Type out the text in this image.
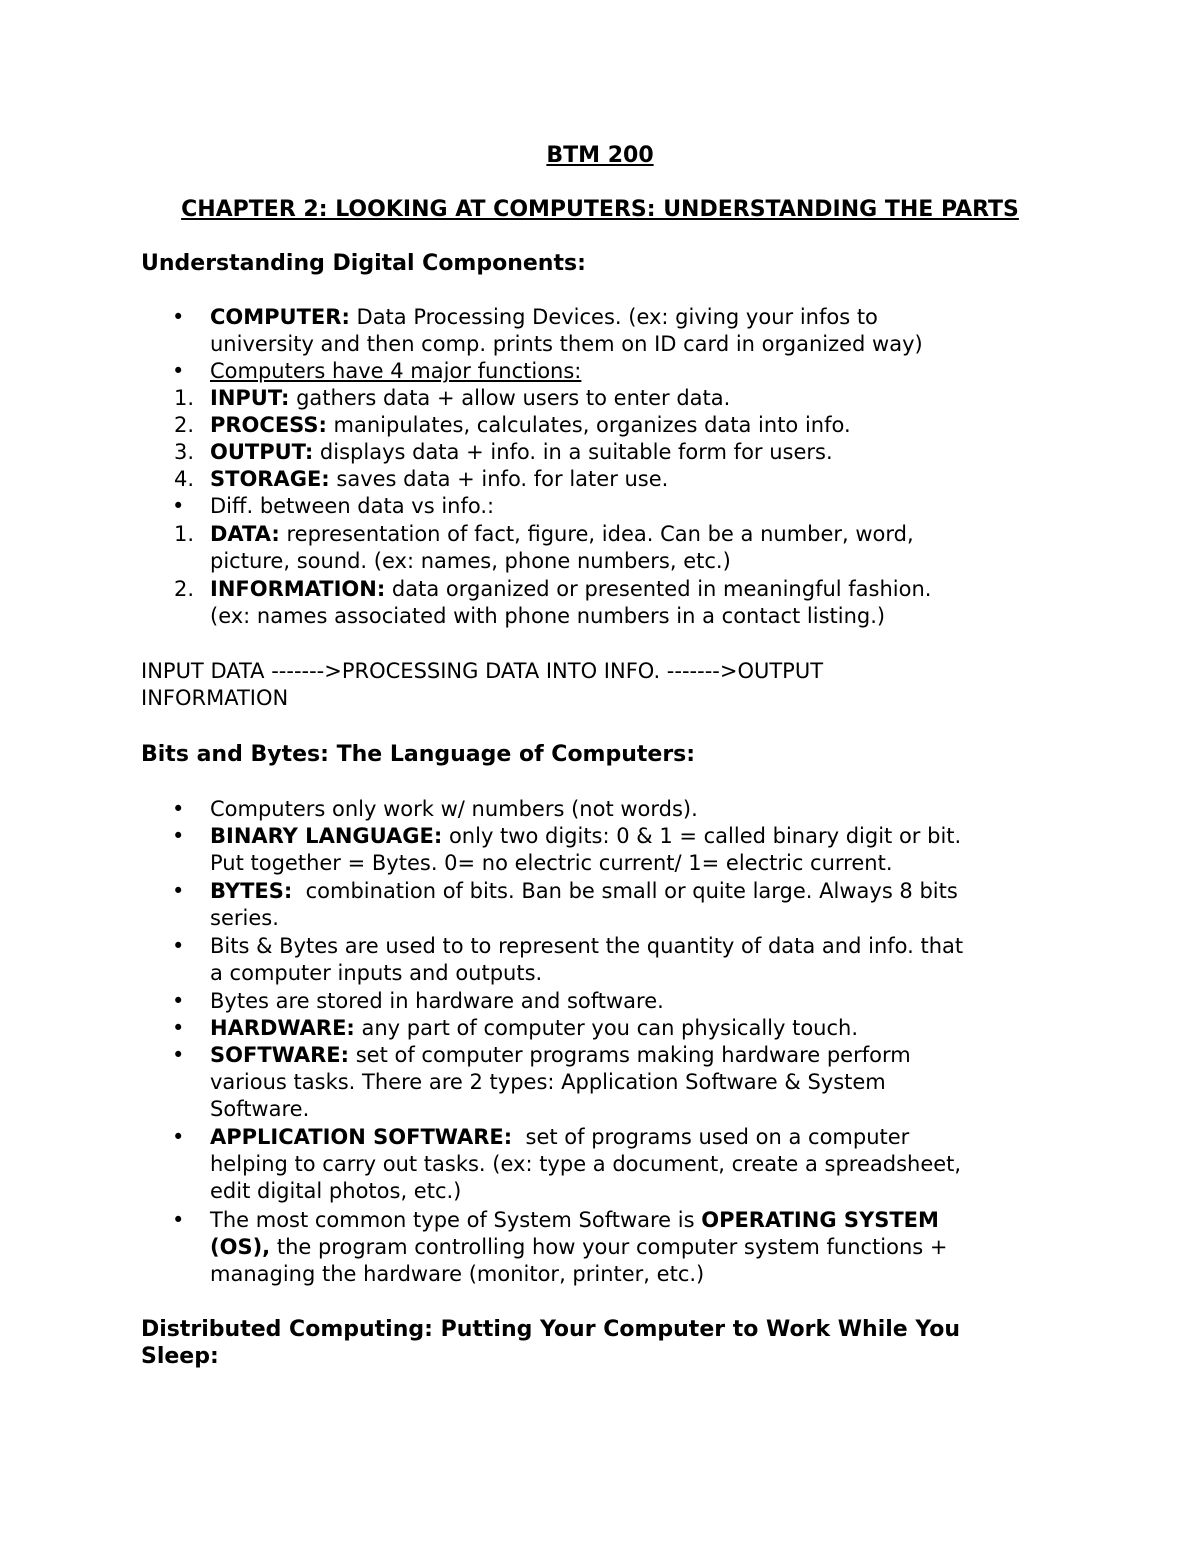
BTM 200
CHAPTER 2: LOOKING AT COMPUTERS: UNDERSTANDING THE PARTS
Understanding Digital Components:
• COMPUTER: Data Processing Devices. (ex: giving your infos to
university and then comp. prints them on ID card in organized way)
• Computers have 4 major functions:
1. INPUT: gathers data + allow users to enter data.
2. PROCESS: manipulates, calculates, organizes data into info.
3. OUTPUT: displays data + info. in a suitable form for users.
4. STORAGE: saves data + info. for later use.
• Diff. between data vs info.:
1. DATA: representation of fact, figure, idea. Can be a number, word,
picture, sound. (ex: names, phone numbers, etc.)
2. INFORMATION: data organized or presented in meaningful fashion.
(ex: names associated with phone numbers in a contact listing.)
INPUT DATA ------->PROCESSING DATA INTO INFO. ------->OUTPUT
INFORMATION
Bits and Bytes: The Language of Computers:
• Computers only work w/ numbers (not words).
• BINARY LANGUAGE: only two digits: 0 & 1 = called binary digit or bit.
Put together = Bytes. 0= no electric current/ 1= electric current.
• BYTES:  combination of bits. Ban be small or quite large. Always 8 bits
series.
• Bits & Bytes are used to to represent the quantity of data and info. that
a computer inputs and outputs.
• Bytes are stored in hardware and software.
• HARDWARE: any part of computer you can physically touch.
• SOFTWARE: set of computer programs making hardware perform
various tasks. There are 2 types: Application Software & System
Software.
• APPLICATION SOFTWARE:  set of programs used on a computer
helping to carry out tasks. (ex: type a document, create a spreadsheet,
edit digital photos, etc.)
• The most common type of System Software is OPERATING SYSTEM
(OS), the program controlling how your computer system functions +
managing the hardware (monitor, printer, etc.)
Distributed Computing: Putting Your Computer to Work While You
Sleep:
